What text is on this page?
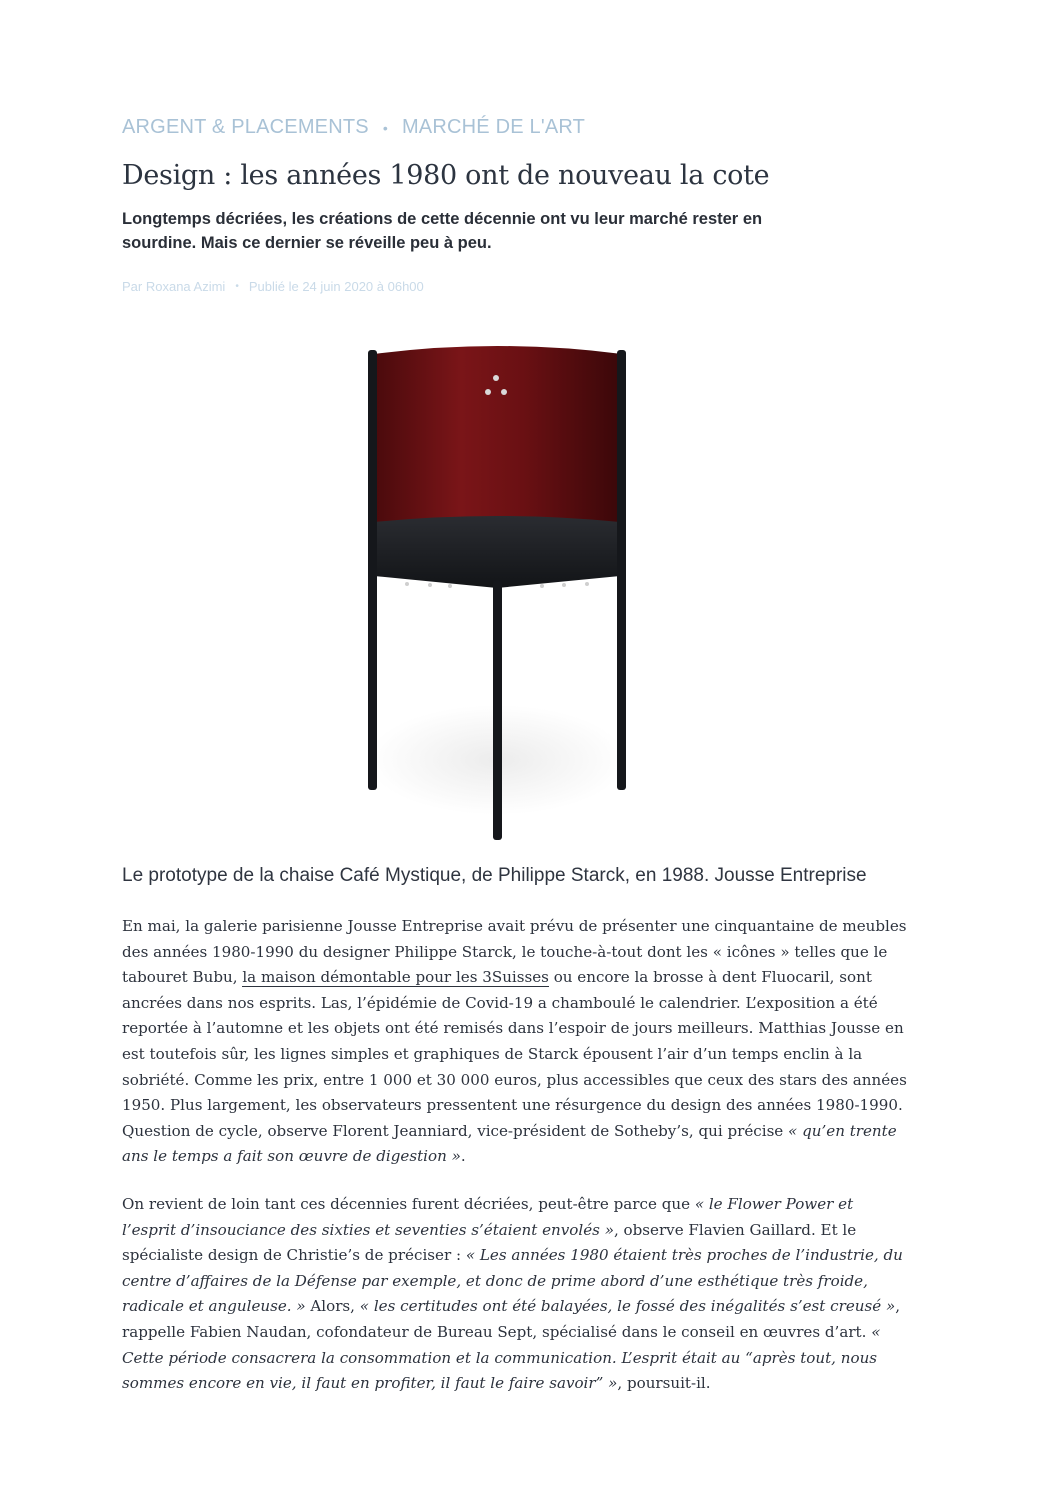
ARGENT & PLACEMENTS • MARCHÉ DE L'ART
Design : les années 1980 ont de nouveau la cote

Longtemps décriées, les créations de cette décennie ont vu leur marché rester en sourdine. Mais ce dernier se réveille peu à peu.

Par Roxana Azimi • Publié le 24 juin 2020 à 06h00

Le prototype de la chaise Café Mystique, de Philippe Starck, en 1988. Jousse Entreprise

En mai, la galerie parisienne Jousse Entreprise avait prévu de présenter une cinquantaine de meubles des années 1980-1990 du designer Philippe Starck, le touche-à-tout dont les « icônes » telles que le tabouret Bubu, la maison démontable pour les 3Suisses ou encore la brosse à dent Fluocaril, sont ancrées dans nos esprits. Las, l’épidémie de Covid-19 a chamboulé le calendrier. L’exposition a été reportée à l’automne et les objets ont été remisés dans l’espoir de jours meilleurs. Matthias Jousse en est toutefois sûr, les lignes simples et graphiques de Starck épousent l’air d’un temps enclin à la sobriété. Comme les prix, entre 1 000 et 30 000 euros, plus accessibles que ceux des stars des années 1950. Plus largement, les observateurs pressentent une résurgence du design des années 1980-1990. Question de cycle, observe Florent Jeanniard, vice-président de Sotheby’s, qui précise « qu’en trente ans le temps a fait son œuvre de digestion ».

On revient de loin tant ces décennies furent décriées, peut-être parce que « le Flower Power et l’esprit d’insouciance des sixties et seventies s’étaient envolés », observe Flavien Gaillard. Et le spécialiste design de Christie’s de préciser : « Les années 1980 étaient très proches de l’industrie, du centre d’affaires de la Défense par exemple, et donc de prime abord d’une esthétique très froide, radicale et anguleuse. » Alors, « les certitudes ont été balayées, le fossé des inégalités s’est creusé », rappelle Fabien Naudan, cofondateur de Bureau Sept, spécialisé dans le conseil en œuvres d’art. « Cette période consacrera la consommation et la communication. L’esprit était au “après tout, nous sommes encore en vie, il faut en profiter, il faut le faire savoir” », poursuit-il.
